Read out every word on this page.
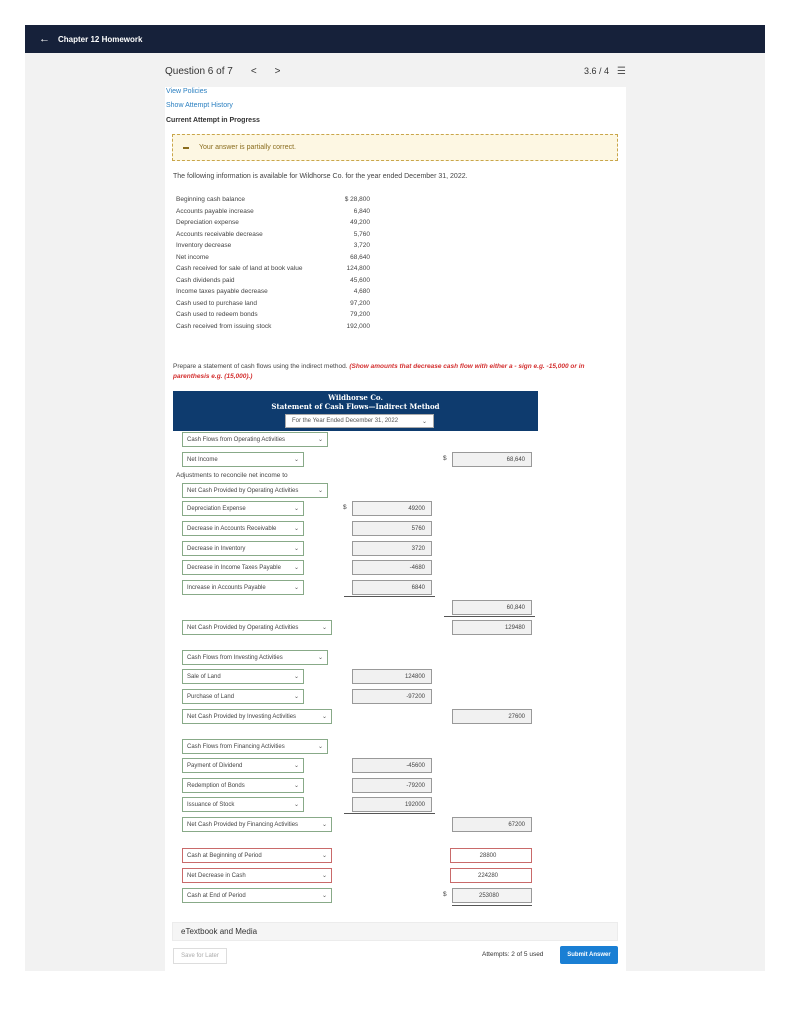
← Chapter 12 Homework
Question 6 of 7 < >	3.6 / 4 ☰
View Policies
Show Attempt History
Current Attempt in Progress
Your answer is partially correct.
The following information is available for Wildhorse Co. for the year ended December 31, 2022.
Beginning cash balance	$ 28,800
Accounts payable increase	6,840
Depreciation expense	49,200
Accounts receivable decrease	5,760
Inventory decrease	3,720
Net income	68,640
Cash received for sale of land at book value	124,800
Cash dividends paid	45,600
Income taxes payable decrease	4,680
Cash used to purchase land	97,200
Cash used to redeem bonds	79,200
Cash received from issuing stock	192,000
Prepare a statement of cash flows using the indirect method. (Show amounts that decrease cash flow with either a - sign e.g. -15,000 or in parenthesis e.g. (15,000).)
Wildhorse Co.
Statement of Cash Flows—Indirect Method
For the Year Ended December 31, 2022	⌄
Cash Flows from Operating Activities	⌄
Net Income	⌄	$	68,640
Adjustments to reconcile net income to
Net Cash Provided by Operating Activities	⌄
Depreciation Expense	⌄	$	49200
Decrease in Accounts Receivable	⌄	5760
Decrease in Inventory	⌄	3720
Decrease in Income Taxes Payable ⌄	-4680
Increase in Accounts Payable	⌄	6840
60,840
Net Cash Provided by Operating Activities	⌄	129480
Cash Flows from Investing Activities	⌄
Sale of Land	⌄	124800
Purchase of Land	⌄	-97200
Net Cash Provided by Investing Activities	⌄	27600
Cash Flows from Financing Activities	⌄
Payment of Dividend	⌄	-45600
Redemption of Bonds	⌄	-79200
Issuance of Stock	⌄	192000
Net Cash Provided by Financing Activities	⌄	67200
Cash at Beginning of Period	⌄	28800
Net Decrease in Cash	⌄	224280
Cash at End of Period	⌄	$	253080
eTextbook and Media
Save for Later	Attempts: 2 of 5 used	Submit Answer
